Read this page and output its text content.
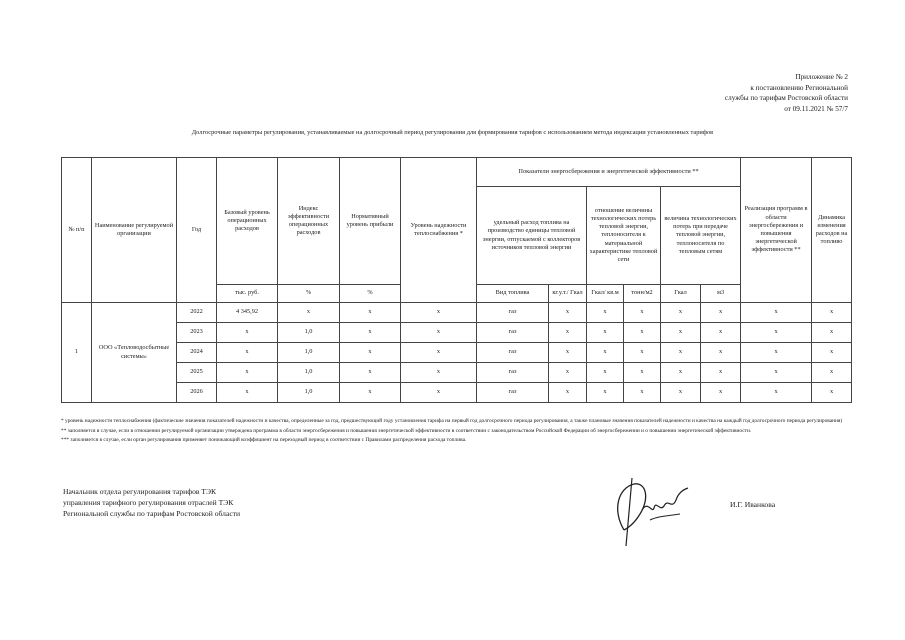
Приложение № 2
к постановлению Региональной
службы по тарифам Ростовской области
от 09.11.2021 № 57/7
Долгосрочные параметры регулирования, устанавливаемые на долгосрочный период регулирования для формирования тарифов с использованием метода индексации установленных тарифов
№ п/п	Наименование регулируемой организации	Год	Базовый уровень операционных расходов	Индекс эффективности операционных расходов	Нормативный уровень прибыли	Уровень надежности теплоснабжения *	Показатели энергосбережения и энергетической эффективности **						Реализация программ в области энергосбережения и повышения энергетической эффективности **	Динамика изменения расходов на топливо
							удельный расход топлива на производство единицы тепловой энергии, отпускаемой с коллекторов источников тепловой энергии		отношение величины технологических потерь тепловой энергии, теплоносителя к материальной характеристике тепловой сети		величина технологических потерь при передаче тепловой энергии, теплоносителя по тепловым сетям			
			тыс. руб.	%	%		Вид топлива	кг.у.т./ Гкал	Гкал/ кв.м	тонн/м2	Гкал	м3		
1	ООО «Тепловодосбытные системы»	2022	4 345,92	х	х	х	газ	х	х	х	х	х	х	х
		2023	х	1,0	х	х	газ	х	х	х	х	х	х	х
		2024	х	1,0	х	х	газ	х	х	х	х	х	х	х
		2025	х	1,0	х	х	газ	х	х	х	х	х	х	х
		2026	х	1,0	х	х	газ	х	х	х	х	х	х	х

* уровень надежности теплоснабжения (фактические значения показателей надежности и качества, определенные за год, предшествующий году установления тарифа на первый год долгосрочного периода регулирования, а также плановые значения показателей надежности и качества на каждый год долгосрочного периода регулирования)

** заполняется в случае, если в отношении регулируемой организации утверждена программа в области энергосбережения и повышения энергетической эффективности в соответствии с законодательством Российской Федерации об энергосбережении и о повышении энергетической эффективности.

*** заполняется в случае, если орган регулирования применяет понижающий коэффициент на переходный период в соответствии с Правилами распределения расхода топлива.

Начальник отдела регулирования тарифов ТЭК
управления тарифного регулирования отраслей ТЭК
Региональной службы по тарифам Ростовской области
И.Г. Иванкова
